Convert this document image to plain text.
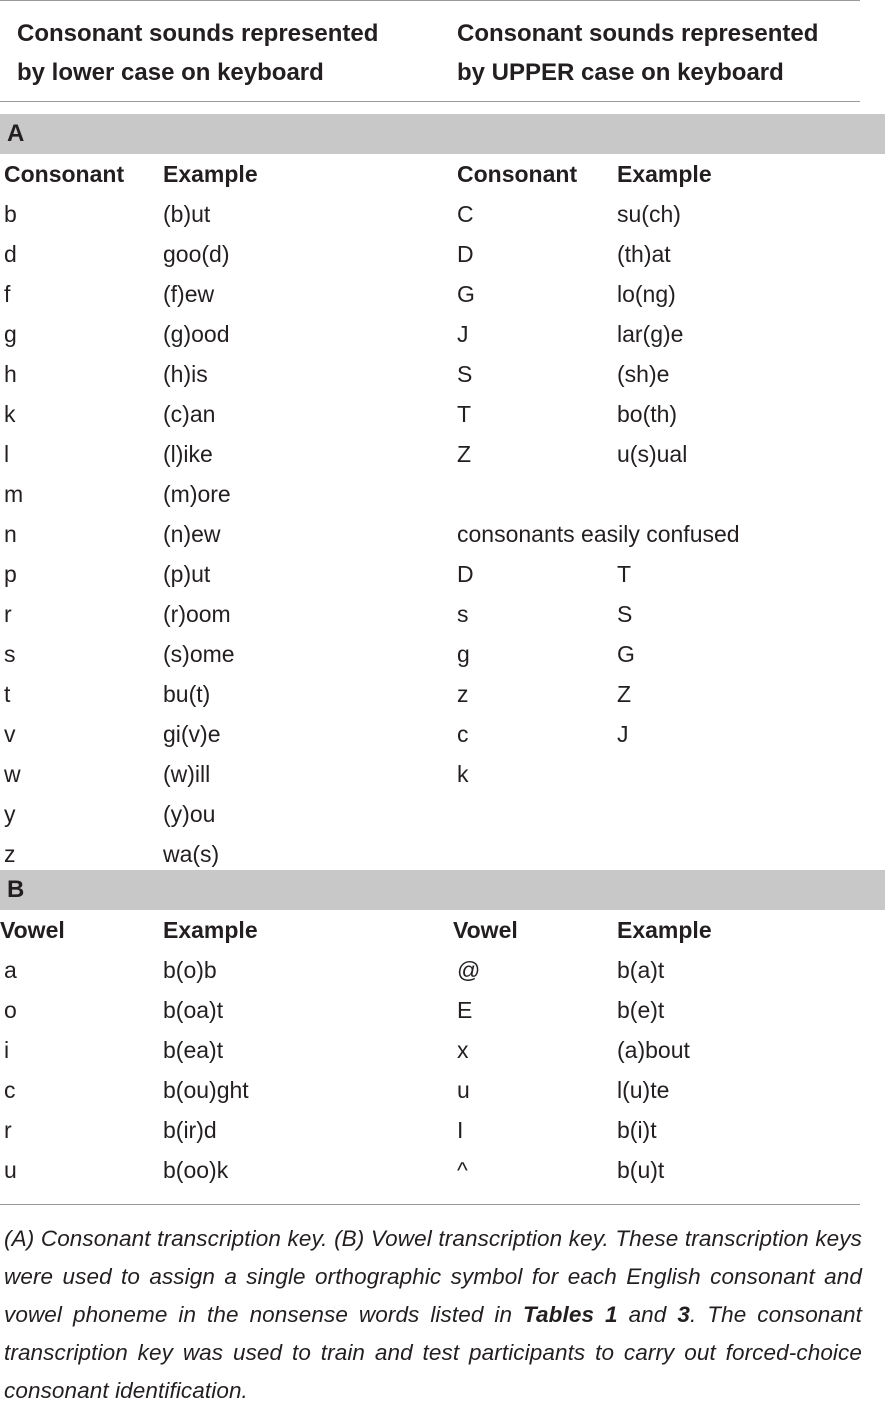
Consonant sounds represented
by lower case on keyboard
Consonant sounds represented
by UPPER case on keyboard
A
Consonant Example	Consonant Example
b	(b)ut	C	su(ch)
d	goo(d)	D	(th)at
f	(f)ew	G	lo(ng)
g	(g)ood	J	lar(g)e
h	(h)is	S	(sh)e
k	(c)an	T	bo(th)
l	(l)ike	Z	u(s)ual
m	(m)ore
n	(n)ew	consonants easily confused
p	(p)ut	D	T
r	(r)oom	s	S
s	(s)ome	g	G
t	bu(t)	z	Z
v	gi(v)e	c	J
w	(w)ill	k
y	(y)ou
z	wa(s)
B
Vowel	Example	Vowel	Example
a	b(o)b	@	b(a)t
o	b(oa)t	E	b(e)t
i	b(ea)t	x	(a)bout
c	b(ou)ght	u	l(u)te
r	b(ir)d	I	b(i)t
u	b(oo)k	^	b(u)t
(A) Consonant transcription key. (B) Vowel transcription key. These transcription keys were used to assign a single orthographic symbol for each English consonant and vowel phoneme in the nonsense words listed in Tables 1 and 3. The consonant transcription key was used to train and test participants to carry out forced-choice consonant identification.
